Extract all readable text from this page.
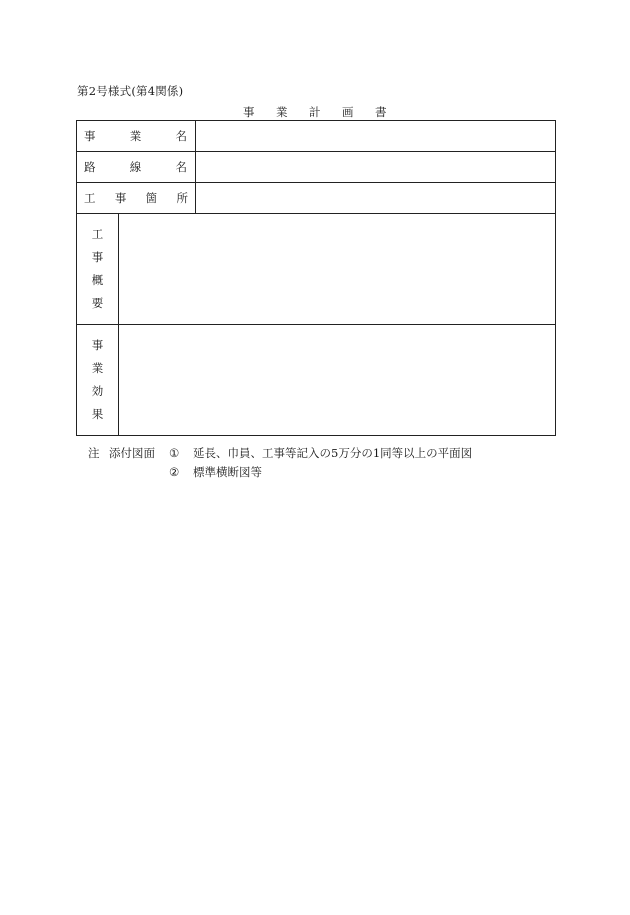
第2号様式(第4関係)
事 業 計 画 書
事 業 名		

路 線 名		

工 事 箇 所		

工
事
概
要		

事
業
効
果		

注 添付図面	①	延長、巾員、工事等記入の5万分の1同等以上の平面図
②	標準横断図等
